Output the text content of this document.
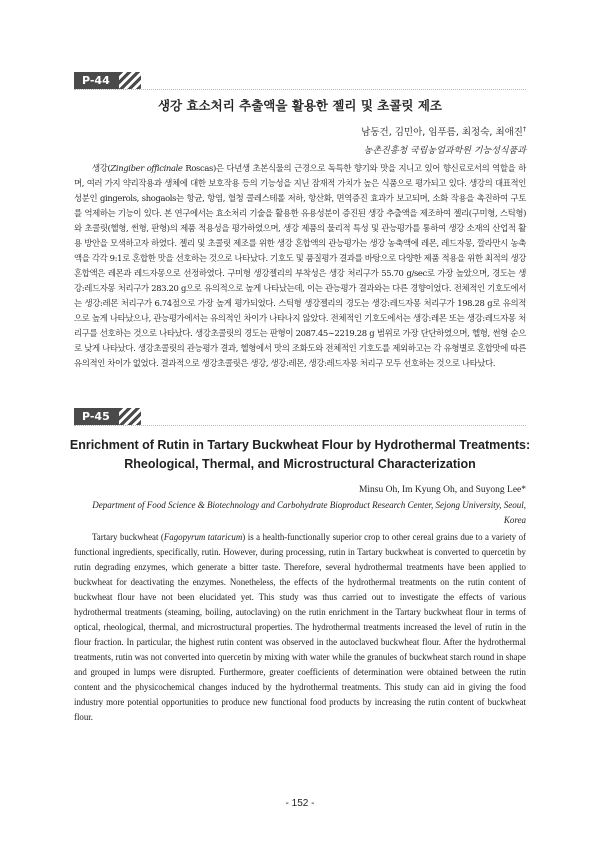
P-44
생강 효소처리 추출액을 활용한 젤리 및 초콜릿 제조
남동건, 김민아, 임푸름, 최정숙, 최애진†
농촌진흥청 국립농업과학원 기능성식품과
생강(Zingiber officinale Roscas)은 다년생 초본식물의 근경으로 독특한 향기와 맛을 지니고 있어 향신료로서의 역할을 하며, 여러 가지 약리작용과 생체에 대한 보호작용 등의 기능성을 지닌 잠재적 가치가 높은 식품으로 평가되고 있다. 생강의 대표적인 성분인 gingerols, shogaols는 항균, 항염, 혈청 콜레스테롤 저하, 항산화, 면역증진 효과가 보고되며, 소화 작용을 촉진하여 구토를 억제하는 기능이 있다. 본 연구에서는 효소처리 기술을 활용한 유용성분이 증진된 생강 추출액을 제조하여 젤리(구미형, 스틱형)와 초콜릿(헬형, 썬형, 판형)의 제품 적용성을 평가하였으며, 생강 제품의 물리적 특성 및 관능평가를 통하여 생강 소재의 산업적 활용 방안을 모색하고자 하였다. 젤리 및 초콜릿 제조를 위한 생강 혼합액의 관능평가는 생강 농축액에 레몬, 레드자몽, 깔라만시 농축액을 각각 9:1로 혼합한 맛을 선호하는 것으로 나타났다. 기호도 및 품질평가 결과를 바탕으로 다양한 제품 적용을 위한 최적의 생강 혼합액은 레몬과 레드자몽으로 선정하였다. 구미형 생강젤리의 부착성은 생강 처리구가 55.70 g/sec로 가장 높았으며, 경도는 생강:레드자몽 처리구가 283.20 g으로 유의적으로 높게 나타났는데, 이는 관능평가 결과와는 다른 경향이었다. 전체적인 기호도에서는 생강:레몬 처리구가 6.74점으로 가장 높게 평가되었다. 스틱형 생강젤리의 경도는 생강:레드자몽 처리구가 198.28 g로 유의적으로 높게 나타났으나, 관능평가에서는 유의적인 차이가 나타나지 않았다. 전체적인 기호도에서는 생강:레몬 또는 생강:레드자몽 처리구를 선호하는 것으로 나타났다. 생강초콜릿의 경도는 판형이 2087.45∼2219.28 g 범위로 가장 단단하였으며, 헬형, 썬형 순으로 낮게 나타났다. 생강초콜릿의 관능평가 결과, 헬형에서 맛의 조화도와 전체적인 기호도를 제외하고는 각 유형별로 혼합맛에 따른 유의적인 차이가 없었다. 결과적으로 생강초콜릿은 생강, 생강:레몬, 생강:레드자몽 처리구 모두 선호하는 것으로 나타났다.
P-45
Enrichment of Rutin in Tartary Buckwheat Flour by Hydrothermal Treatments:
Rheological, Thermal, and Microstructural Characterization
Minsu Oh, Im Kyung Oh, and Suyong Lee*
Department of Food Science & Biotechnology and Carbohydrate Bioproduct Research Center, Sejong University, Seoul, Korea
Tartary buckwheat (Fagopyrum tataricum) is a health-functionally superior crop to other cereal grains due to a variety of functional ingredients, specifically, rutin. However, during processing, rutin in Tartary buckwheat is converted to quercetin by rutin degrading enzymes, which generate a bitter taste. Therefore, several hydrothermal treatments have been applied to buckwheat for deactivating the enzymes. Nonetheless, the effects of the hydrothermal treatments on the rutin content of buckwheat flour have not been elucidated yet. This study was thus carried out to investigate the effects of various hydrothermal treatments (steaming, boiling, autoclaving) on the rutin enrichment in the Tartary buckwheat flour in terms of optical, rheological, thermal, and microstructural properties. The hydrothermal treatments increased the level of rutin in the flour fraction. In particular, the highest rutin content was observed in the autoclaved buckwheat flour. After the hydrothermal treatments, rutin was not converted into quercetin by mixing with water while the granules of buckwheat starch round in shape and grouped in lumps were disrupted. Furthermore, greater coefficients of determination were obtained between the rutin content and the physicochemical changes induced by the hydrothermal treatments. This study can aid in giving the food industry more potential opportunities to produce new functional food products by increasing the rutin content of buckwheat flour.
- 152 -
